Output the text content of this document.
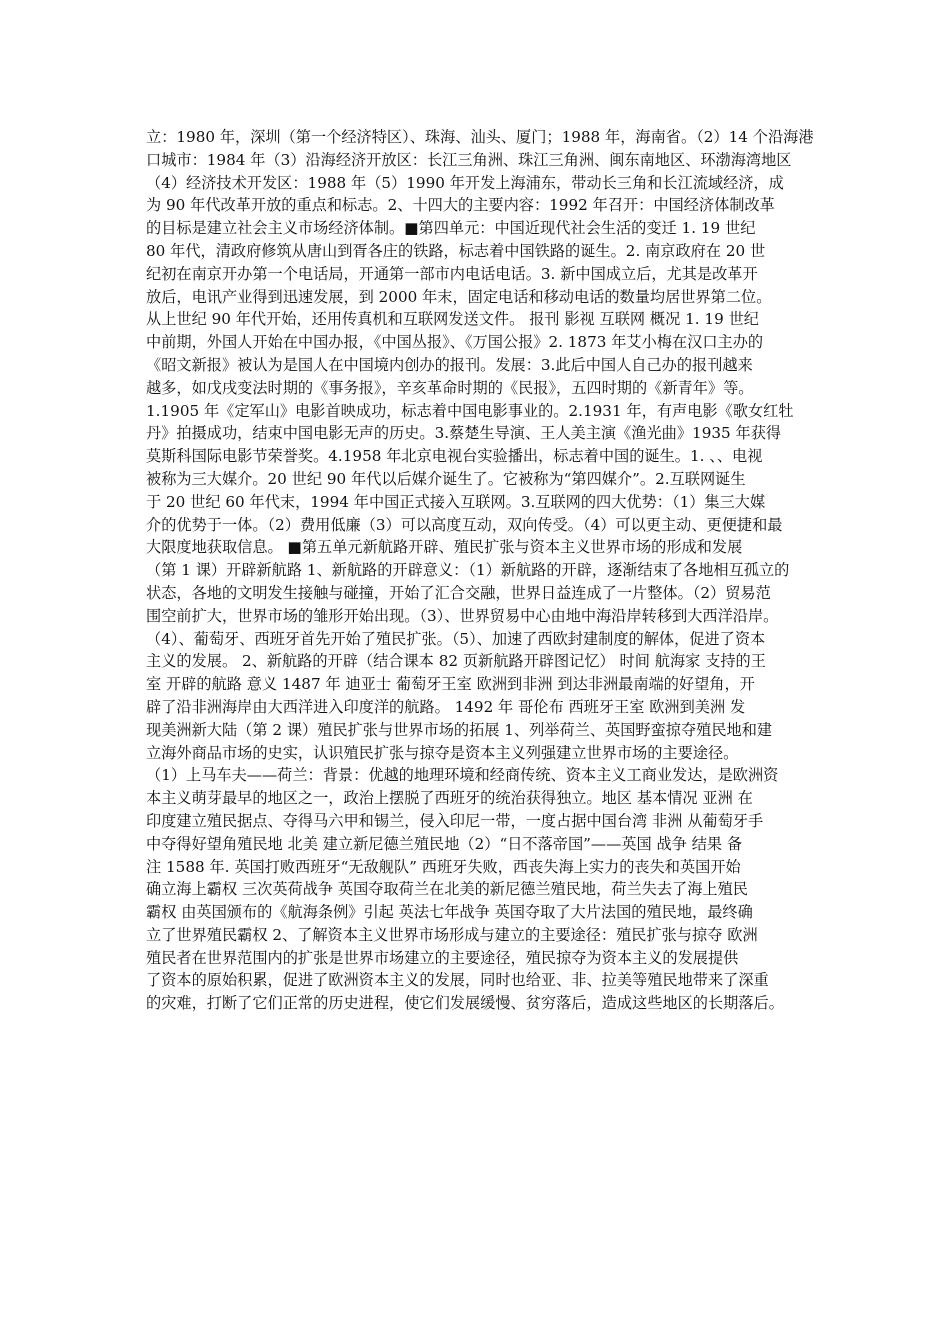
立：1980 年，深圳（第一个经济特区）、珠海、汕头、厦门；1988 年，海南省。（2）14 个沿海港
口城市：1984 年（3）沿海经济开放区：长江三角洲、珠江三角洲、闽东南地区、环渤海湾地区
（4）经济技术开发区：1988 年（5）1990 年开发上海浦东，带动长三角和长江流域经济，成
为 90 年代改革开放的重点和标志。2、十四大的主要内容：1992 年召开：中国经济体制改革
的目标是建立社会主义市场经济体制。■第四单元：中国近现代社会生活的变迁 1. 19 世纪
80 年代，清政府修筑从唐山到胥各庄的铁路，标志着中国铁路的诞生。2. 南京政府在 20 世
纪初在南京开办第一个电话局，开通第一部市内电话电话。3. 新中国成立后，尤其是改革开
放后，电讯产业得到迅速发展，到 2000 年末，固定电话和移动电话的数量均居世界第二位。
从上世纪 90 年代开始，还用传真机和互联网发送文件。 报刊 影视 互联网 概况 1. 19 世纪
中前期，外国人开始在中国办报，《中国丛报》、《万国公报》2. 1873 年艾小梅在汉口主办的
《昭文新报》被认为是国人在中国境内创办的报刊。发展：3.此后中国人自己办的报刊越来
越多，如戊戌变法时期的《事务报》，辛亥革命时期的《民报》，五四时期的《新青年》等。
1.1905 年《定军山》电影首映成功，标志着中国电影事业的。2.1931 年，有声电影《歌女红牡
丹》拍摄成功，结束中国电影无声的历史。3.蔡楚生导演、王人美主演《渔光曲》1935 年获得
莫斯科国际电影节荣誉奖。4.1958 年北京电视台实验播出，标志着中国的诞生。1. 、、电视
被称为三大媒介。20 世纪 90 年代以后媒介诞生了。它被称为“第四媒介”。2.互联网诞生
于 20 世纪 60 年代末，1994 年中国正式接入互联网。3.互联网的四大优势：（1）集三大媒
介的优势于一体。（2）费用低廉（3）可以高度互动，双向传受。（4）可以更主动、更便捷和最
大限度地获取信息。 ■第五单元新航路开辟、殖民扩张与资本主义世界市场的形成和发展
（第 1 课）开辟新航路 1、新航路的开辟意义：（1）新航路的开辟，逐渐结束了各地相互孤立的
状态，各地的文明发生接触与碰撞，开始了汇合交融，世界日益连成了一片整体。（2）贸易范
围空前扩大，世界市场的雏形开始出现。（3）、世界贸易中心由地中海沿岸转移到大西洋沿岸。
（4）、葡萄牙、西班牙首先开始了殖民扩张。（5）、加速了西欧封建制度的解体，促进了资本
主义的发展。 2、新航路的开辟（结合课本 82 页新航路开辟图记忆） 时间 航海家 支持的王
室 开辟的航路 意义 1487 年 迪亚士 葡萄牙王室 欧洲到非洲 到达非洲最南端的好望角，开
辟了沿非洲海岸由大西洋进入印度洋的航路。 1492 年 哥伦布 西班牙王室 欧洲到美洲 发
现美洲新大陆（第 2 课）殖民扩张与世界市场的拓展 1、列举荷兰、英国野蛮掠夺殖民地和建
立海外商品市场的史实，认识殖民扩张与掠夺是资本主义列强建立世界市场的主要途径。
（1）上马车夫——荷兰：背景：优越的地理环境和经商传统、资本主义工商业发达，是欧洲资
本主义萌芽最早的地区之一，政治上摆脱了西班牙的统治获得独立。地区 基本情况 亚洲 在
印度建立殖民据点、夺得马六甲和锡兰，侵入印尼一带，一度占据中国台湾 非洲 从葡萄牙手
中夺得好望角殖民地 北美 建立新尼德兰殖民地（2）“日不落帝国”——英国 战争 结果 备
注 1588 年. 英国打败西班牙“无敌舰队” 西班牙失败，西丧失海上实力的丧失和英国开始
确立海上霸权 三次英荷战争 英国夺取荷兰在北美的新尼德兰殖民地，荷兰失去了海上殖民
霸权 由英国颁布的《航海条例》引起 英法七年战争 英国夺取了大片法国的殖民地，最终确
立了世界殖民霸权 2、了解资本主义世界市场形成与建立的主要途径：殖民扩张与掠夺 欧洲
殖民者在世界范围内的扩张是世界市场建立的主要途径，殖民掠夺为资本主义的发展提供
了资本的原始积累，促进了欧洲资本主义的发展，同时也给亚、非、拉美等殖民地带来了深重
的灾难，打断了它们正常的历史进程，使它们发展缓慢、贫穷落后，造成这些地区的长期落后。
